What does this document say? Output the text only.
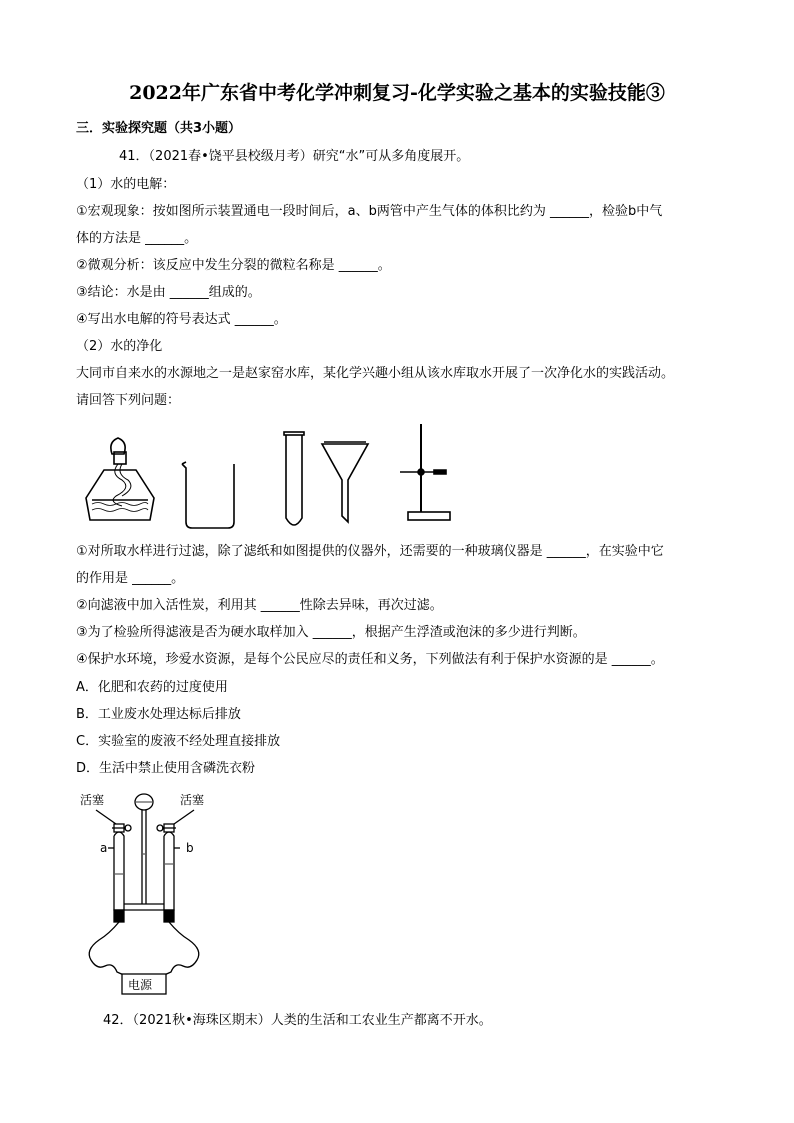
2022年广东省中考化学冲刺复习-化学实验之基本的实验技能③
三．实验探究题（共3小题）
41．（2021春•饶平县校级月考）研究“水”可从多角度展开。
（1）水的电解：
①宏观现象：按如图所示装置通电一段时间后，a、b两管中产生气体的体积比约为 ______，检验b中气
体的方法是 ______。
②微观分析：该反应中发生分裂的微粒名称是 ______。
③结论：水是由 ______组成的。
④写出水电解的符号表达式 ______。
（2）水的净化
大同市自来水的水源地之一是赵家窑水库，某化学兴趣小组从该水库取水开展了一次净化水的实践活动。
请回答下列问题：
①对所取水样进行过滤，除了滤纸和如图提供的仪器外，还需要的一种玻璃仪器是 ______，在实验中它
的作用是 ______。
②向滤液中加入活性炭，利用其 ______性除去异味，再次过滤。
③为了检验所得滤液是否为硬水取样加入 ______，根据产生浮渣或泡沫的多少进行判断。
④保护水环境，珍爱水资源，是每个公民应尽的责任和义务，下列做法有利于保护水资源的是 ______。
A．化肥和农药的过度使用
B．工业废水处理达标后排放
C．实验室的废液不经处理直接排放
D．生活中禁止使用含磷洗衣粉
活塞	活塞
a	b
电源
42．（2021秋•海珠区期末）人类的生活和工农业生产都离不开水。
